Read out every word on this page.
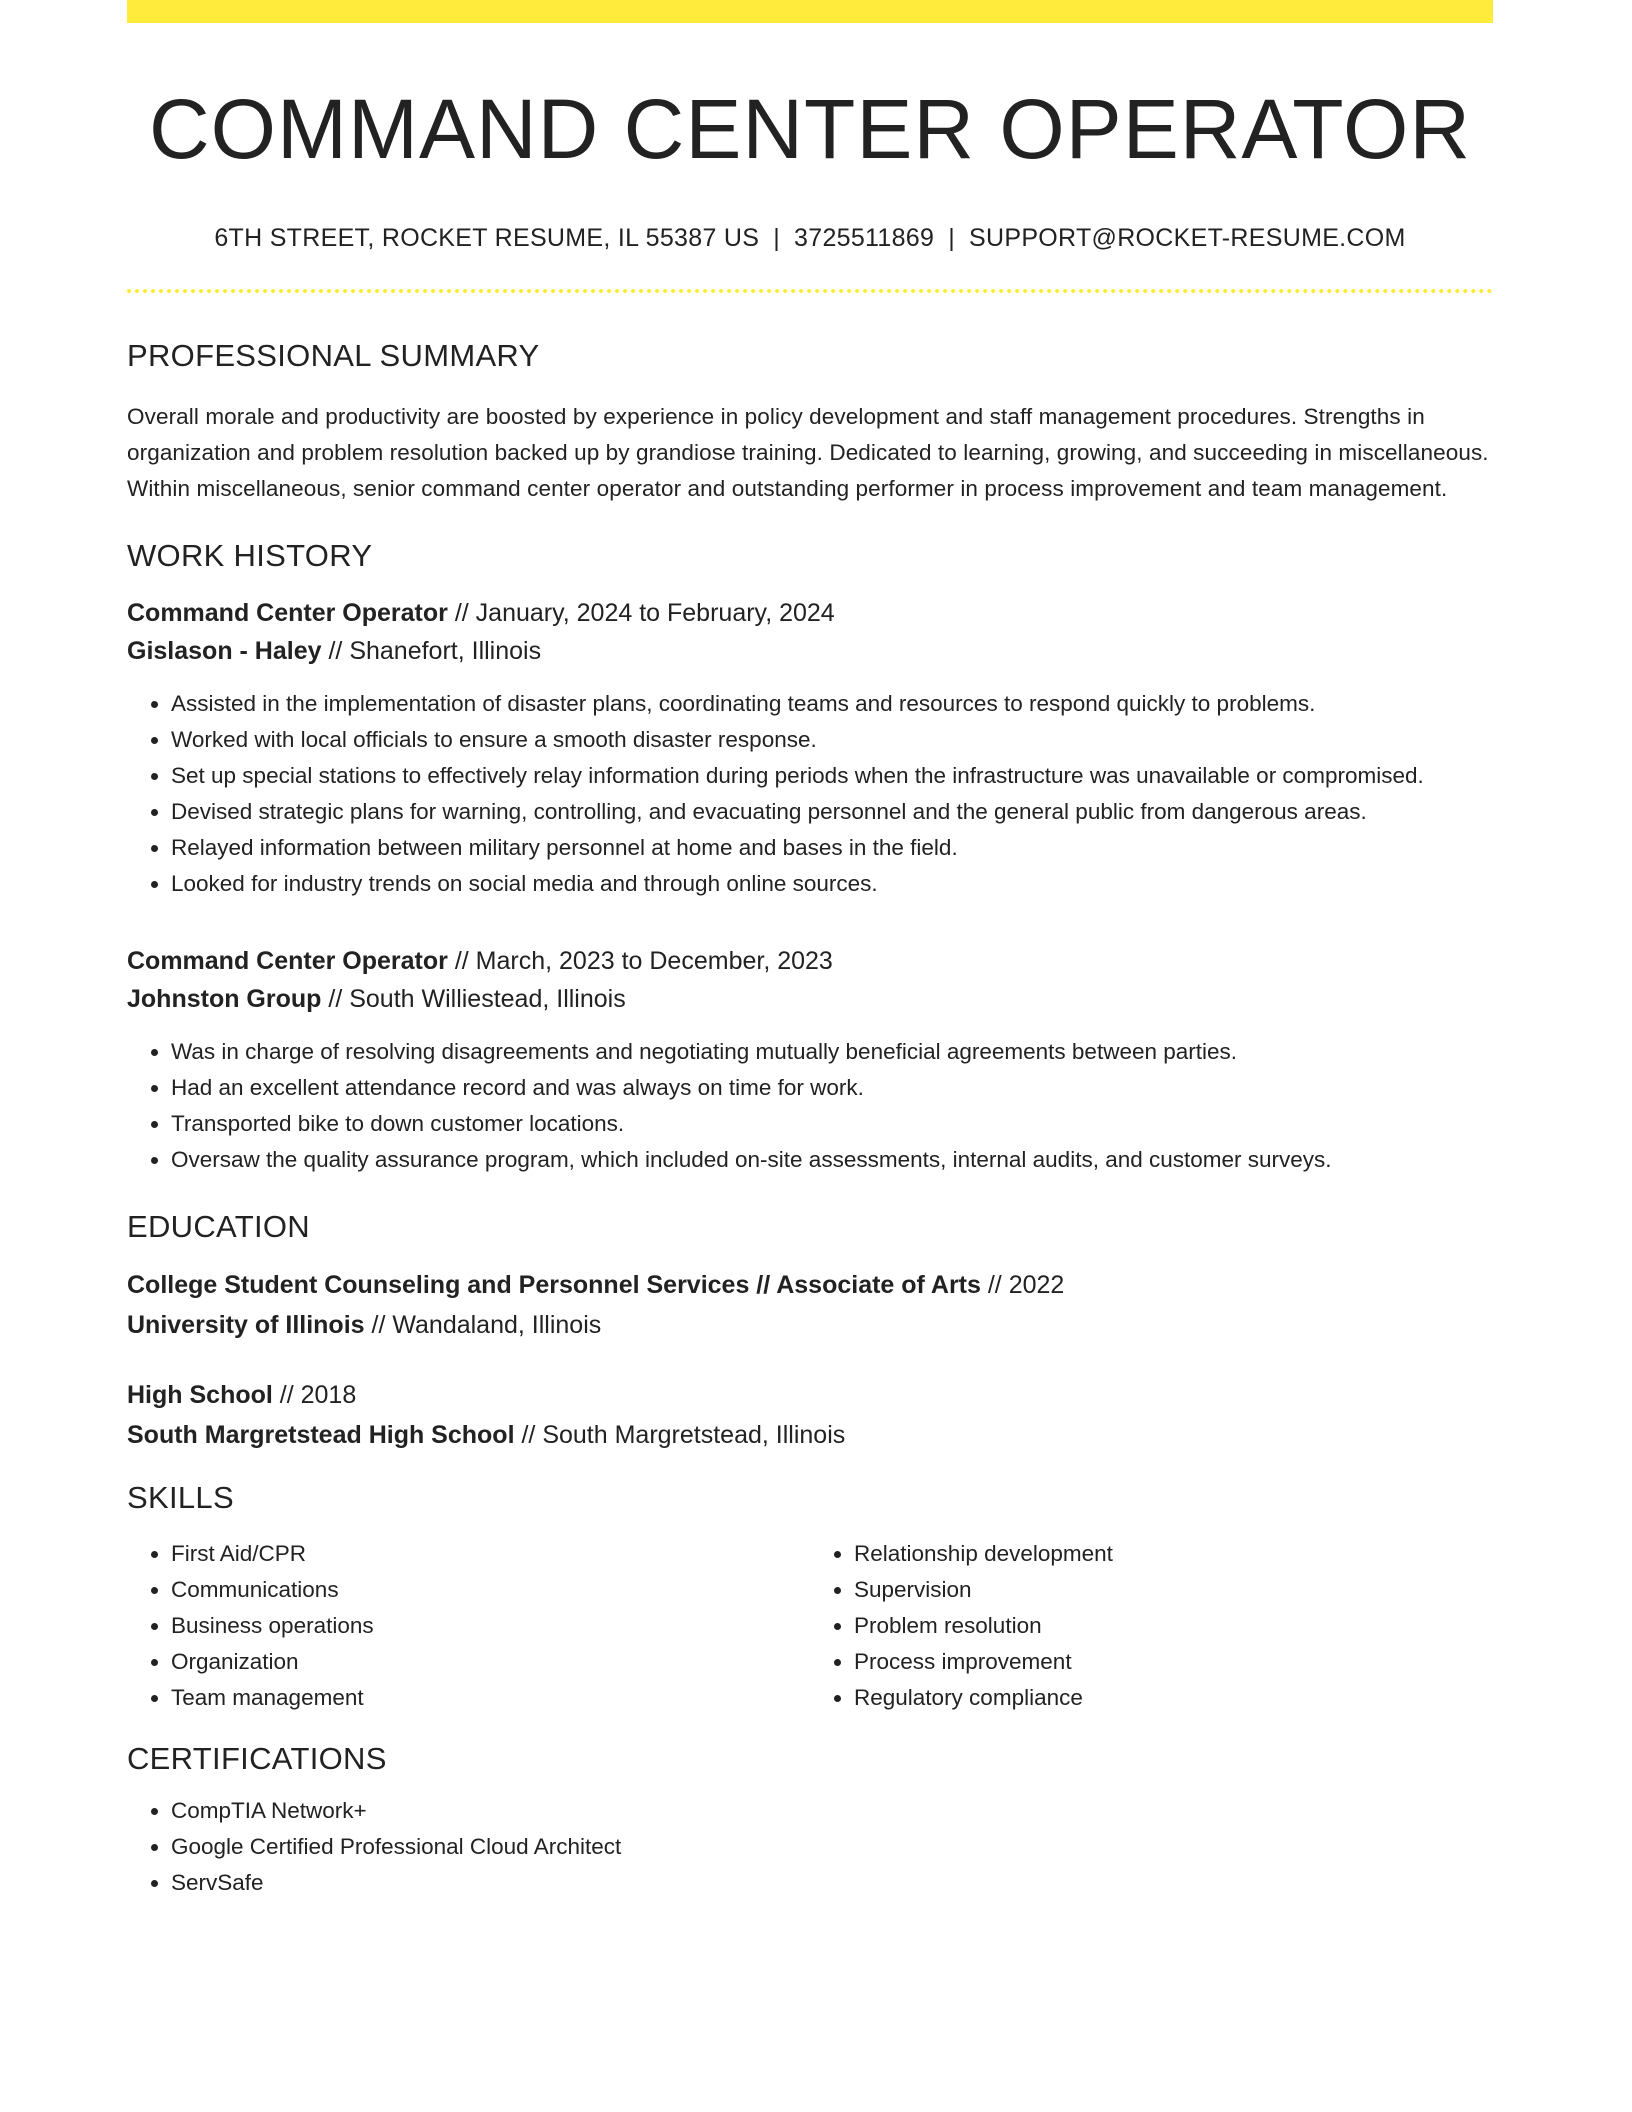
COMMAND CENTER OPERATOR
6TH STREET, ROCKET RESUME, IL 55387 US | 3725511869 | SUPPORT@ROCKET-RESUME.COM
PROFESSIONAL SUMMARY

Overall morale and productivity are boosted by experience in policy development and staff management procedures. Strengths in organization and problem resolution backed up by grandiose training. Dedicated to learning, growing, and succeeding in miscellaneous. Within miscellaneous, senior command center operator and outstanding performer in process improvement and team management.

WORK HISTORY
Command Center Operator // January, 2024 to February, 2024
Gislason - Haley // Shanefort, Illinois
• Assisted in the implementation of disaster plans, coordinating teams and resources to respond quickly to problems.
• Worked with local officials to ensure a smooth disaster response.
• Set up special stations to effectively relay information during periods when the infrastructure was unavailable or compromised.
• Devised strategic plans for warning, controlling, and evacuating personnel and the general public from dangerous areas.
• Relayed information between military personnel at home and bases in the field.
• Looked for industry trends on social media and through online sources.
Command Center Operator // March, 2023 to December, 2023
Johnston Group // South Williestead, Illinois
• Was in charge of resolving disagreements and negotiating mutually beneficial agreements between parties.
• Had an excellent attendance record and was always on time for work.
• Transported bike to down customer locations.
• Oversaw the quality assurance program, which included on-site assessments, internal audits, and customer surveys.
EDUCATION
College Student Counseling and Personnel Services // Associate of Arts // 2022
University of Illinois // Wandaland, Illinois
High School // 2018
South Margretstead High School // South Margretstead, Illinois
SKILLS
• First Aid/CPR
• Communications
• Business operations
• Organization
• Team management
• Relationship development
• Supervision
• Problem resolution
• Process improvement
• Regulatory compliance
CERTIFICATIONS
• CompTIA Network+
• Google Certified Professional Cloud Architect
• ServSafe
